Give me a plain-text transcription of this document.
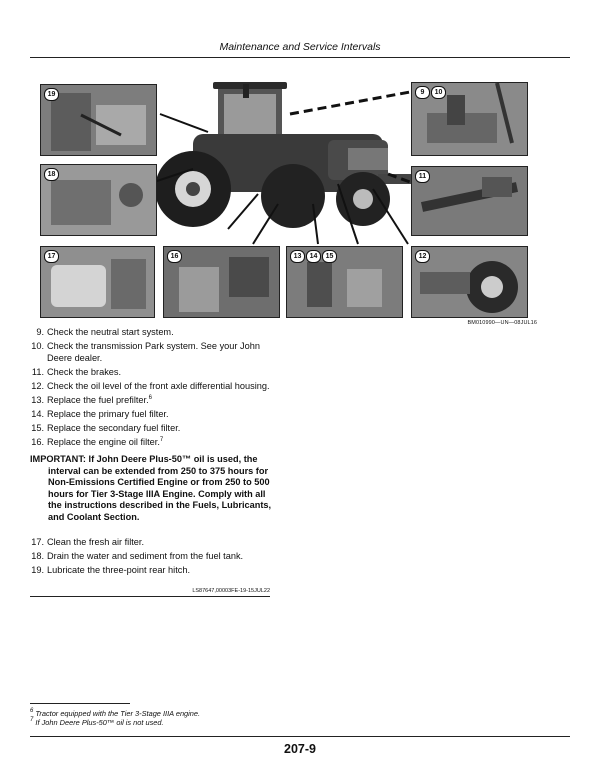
Maintenance and Service Intervals
19	9	10
18	11
17	16	13	14	15	12
BM010990—UN—08JUL16
9. Check the neutral start system.
10. Check the transmission Park system. See your John Deere dealer.
11. Check the brakes.
12. Check the oil level of the front axle differential housing.
13. Replace the fuel prefilter.$^6$
14. Replace the primary fuel filter.
15. Replace the secondary fuel filter.
16. Replace the engine oil filter.$^7$
IMPORTANT: If John Deere Plus-50™ oil is used, the
interval can be extended from 250 to 375 hours for Non-Emissions Certified Engine or from 250 to 500 hours for Tier 3-Stage IIIA Engine. Comply with all the instructions described in the Fuels, Lubricants, and Coolant Section.
17. Clean the fresh air filter.
18. Drain the water and sediment from the fuel tank.
19. Lubricate the three-point rear hitch.
LS87647,00003FE-19-15JUL22
$^6$ Tractor equipped with the Tier 3-Stage IIIA engine.
$^7$ If John Deere Plus-50™ oil is not used.
207-9
